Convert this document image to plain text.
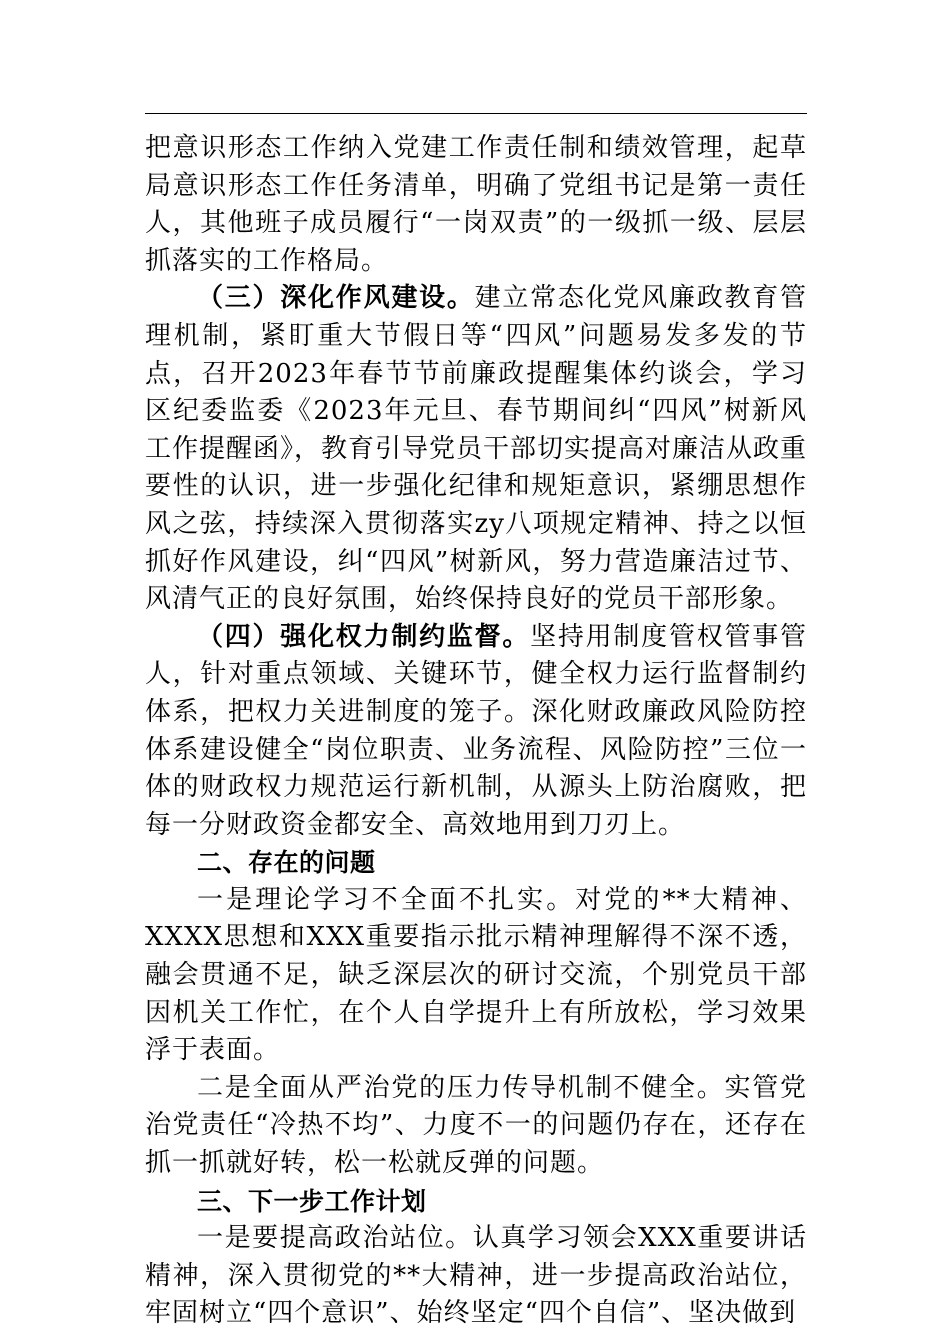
把意识形态工作纳入党建工作责任制和绩效管理，起草局意识形态工作任务清单，明确了党组书记是第一责任人，其他班子成员履行“一岗双责”的一级抓一级、层层抓落实的工作格局。

（三）深化作风建设。建立常态化党风廉政教育管理机制，紧盯重大节假日等“四风”问题易发多发的节点，召开2023年春节节前廉政提醒集体约谈会，学习区纪委监委《2023年元旦、春节期间纠“四风”树新风工作提醒函》，教育引导党员干部切实提高对廉洁从政重要性的认识，进一步强化纪律和规矩意识，紧绷思想作风之弦，持续深入贯彻落实zy八项规定精神、持之以恒抓好作风建设，纠“四风”树新风，努力营造廉洁过节、风清气正的良好氛围，始终保持良好的党员干部形象。

（四）强化权力制约监督。坚持用制度管权管事管人，针对重点领域、关键环节，健全权力运行监督制约体系，把权力关进制度的笼子。深化财政廉政风险防控体系建设健全“岗位职责、业务流程、风险防控”三位一体的财政权力规范运行新机制，从源头上防治腐败，把每一分财政资金都安全、高效地用到刀刃上。

二、存在的问题

一是理论学习不全面不扎实。对党的**大精神、XXXX思想和XXX重要指示批示精神理解得不深不透，融会贯通不足，缺乏深层次的研讨交流，个别党员干部因机关工作忙，在个人自学提升上有所放松，学习效果浮于表面。

二是全面从严治党的压力传导机制不健全。实管党治党责任“冷热不均”、力度不一的问题仍存在，还存在抓一抓就好转，松一松就反弹的问题。

三、下一步工作计划

一是要提高政治站位。认真学习领会XXX重要讲话精神，深入贯彻党的**大精神，进一步提高政治站位，牢固树立“四个意识”、始终坚定“四个自信”、坚决做到
